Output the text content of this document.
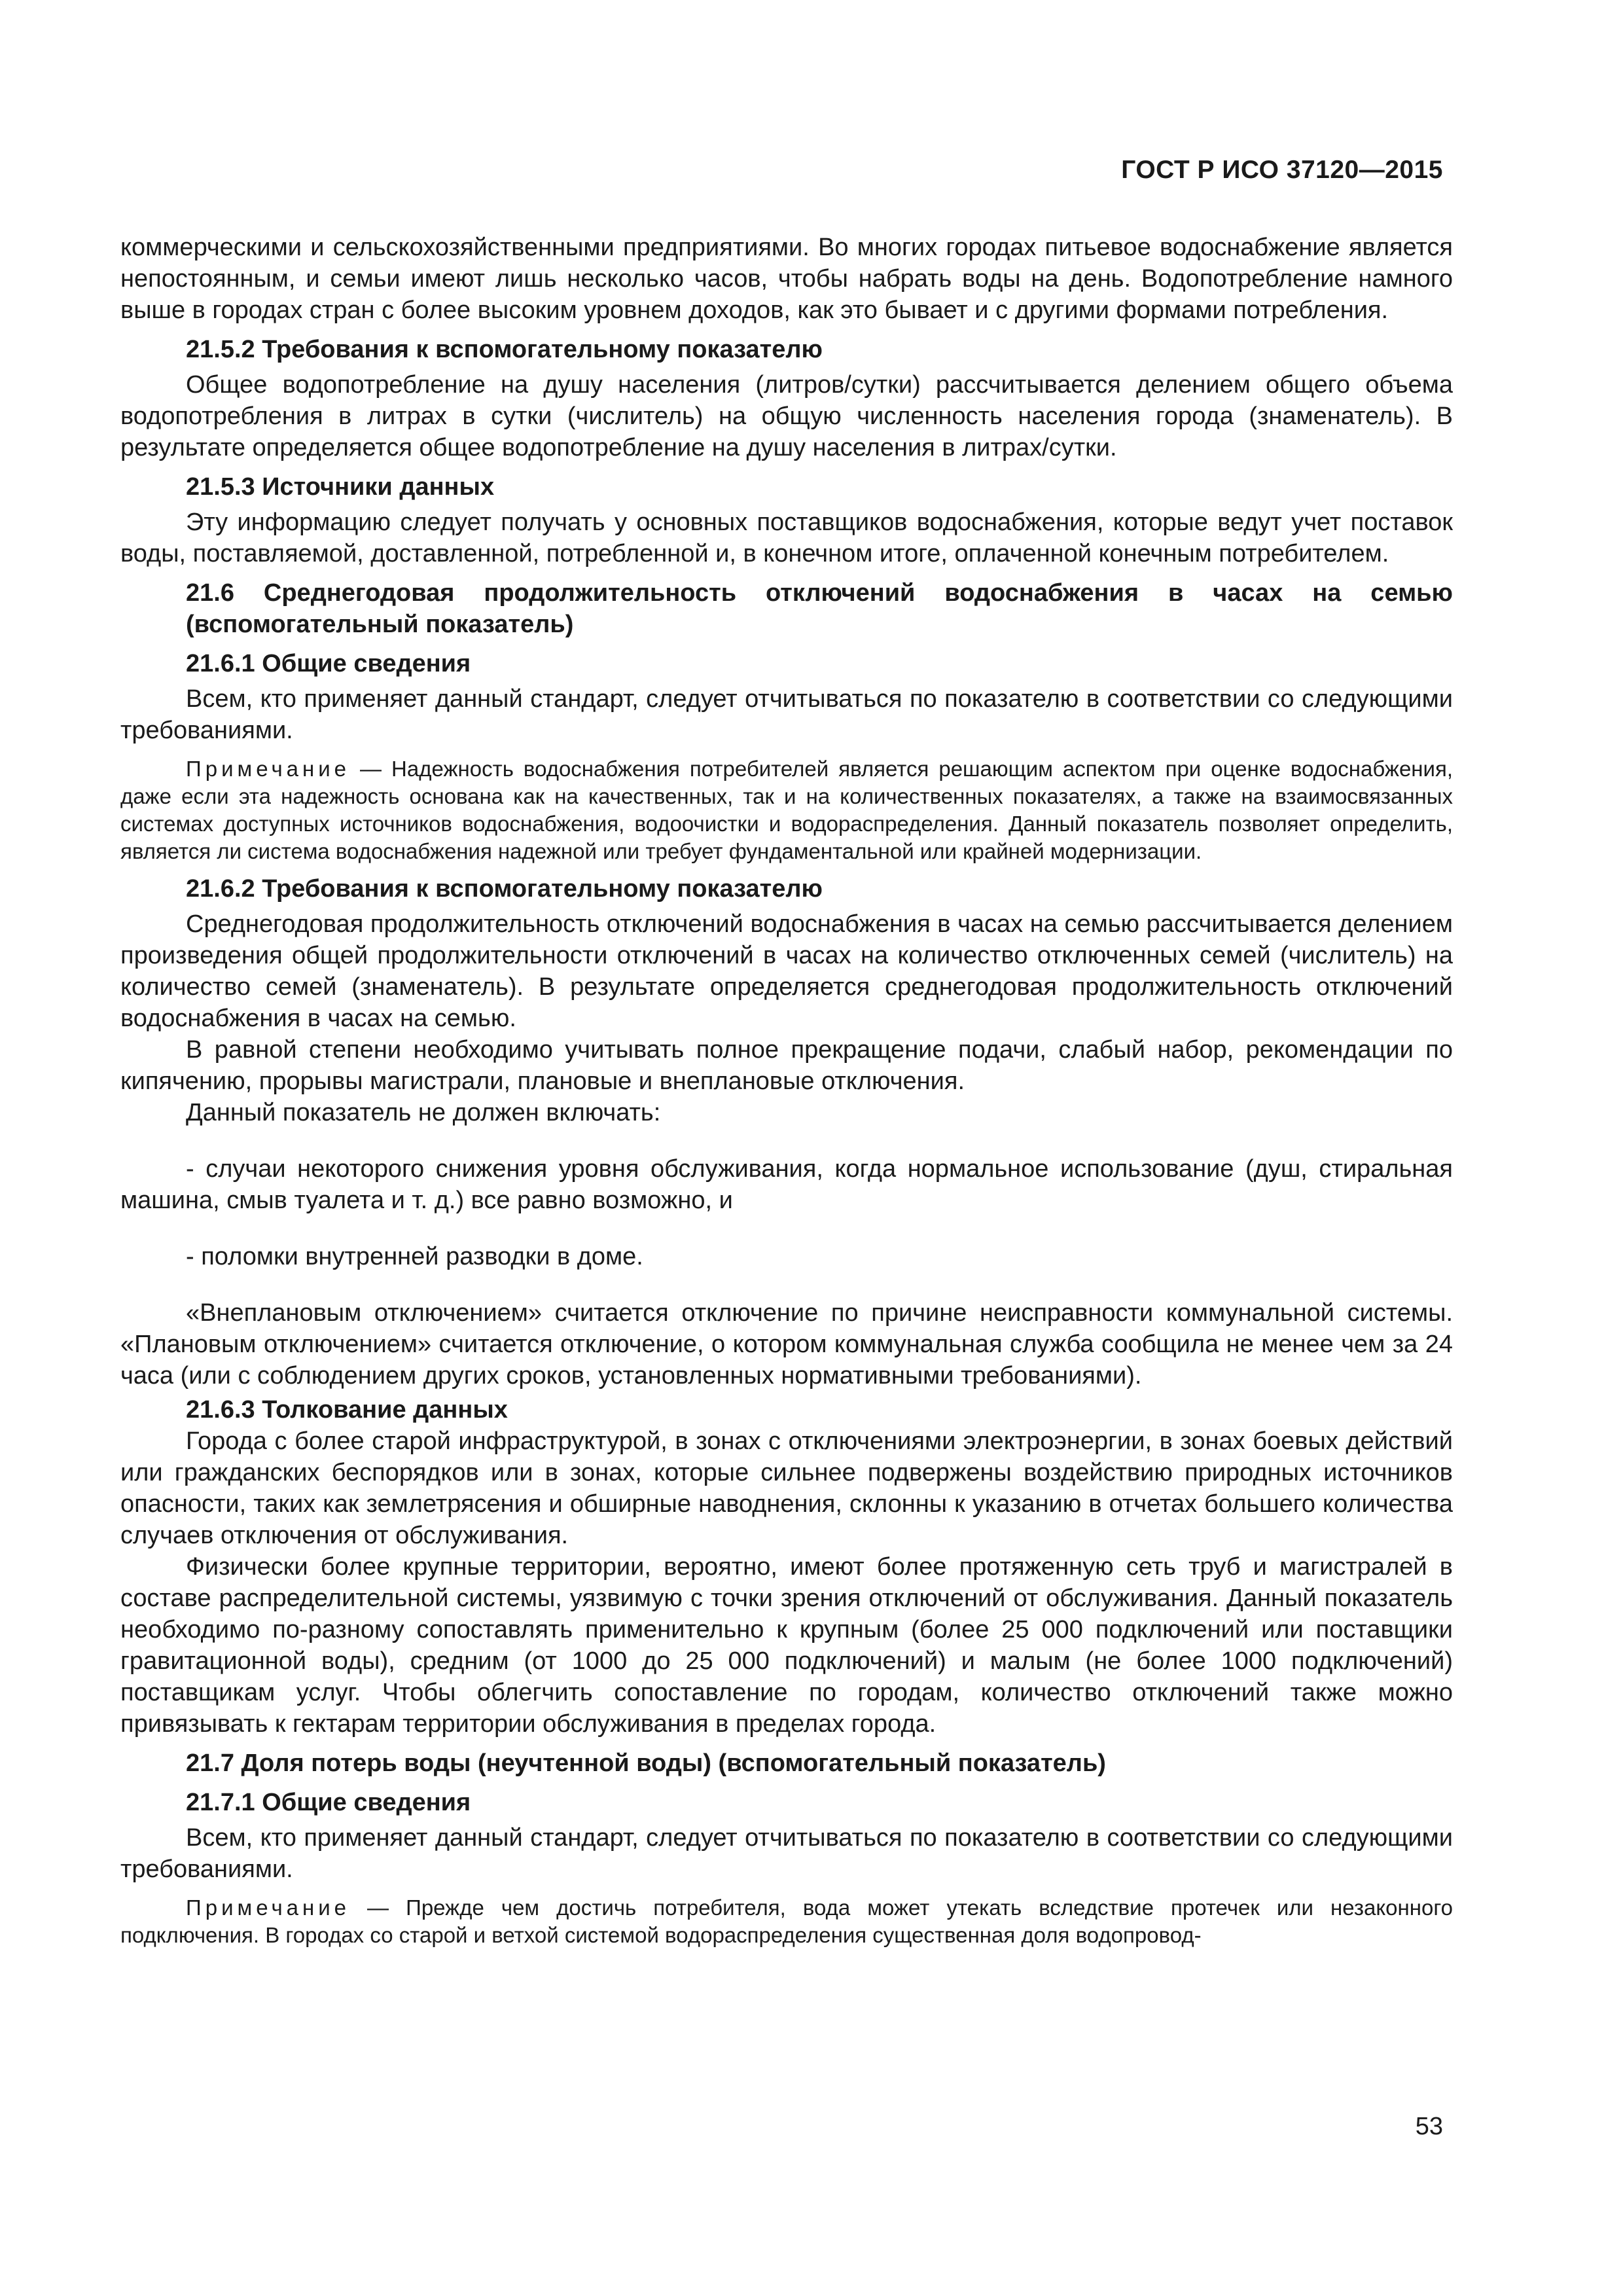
ГОСТ Р ИСО 37120—2015

коммерческими и сельскохозяйственными предприятиями. Во многих городах питьевое водоснабжение является непостоянным, и семьи имеют лишь несколько часов, чтобы набрать воды на день. Водопотребление намного выше в городах стран с более высоким уровнем доходов, как это бывает и с другими формами потребления.

21.5.2 Требования к вспомогательному показателю

Общее водопотребление на душу населения (литров/сутки) рассчитывается делением общего объема водопотребления в литрах в сутки (числитель) на общую численность населения города (знаменатель). В результате определяется общее водопотребление на душу населения в литрах/сутки.

21.5.3 Источники данных

Эту информацию следует получать у основных поставщиков водоснабжения, которые ведут учет поставок воды, поставляемой, доставленной, потребленной и, в конечном итоге, оплаченной конечным потребителем.

21.6 Среднегодовая продолжительность отключений водоснабжения в часах на семью (вспомогательный показатель)
21.6.1 Общие сведения

Всем, кто применяет данный стандарт, следует отчитываться по показателю в соответствии со следующими требованиями.

Примечание — Надежность водоснабжения потребителей является решающим аспектом при оценке водоснабжения, даже если эта надежность основана как на качественных, так и на количественных показателях, а также на взаимосвязанных системах доступных источников водоснабжения, водоочистки и водораспределения. Данный показатель позволяет определить, является ли система водоснабжения надежной или требует фундаментальной или крайней модернизации.

21.6.2 Требования к вспомогательному показателю

Среднегодовая продолжительность отключений водоснабжения в часах на семью рассчитывается делением произведения общей продолжительности отключений в часах на количество отключенных семей (числитель) на количество семей (знаменатель). В результате определяется среднегодовая продолжительность отключений водоснабжения в часах на семью.

В равной степени необходимо учитывать полное прекращение подачи, слабый набор, рекомендации по кипячению, прорывы магистрали, плановые и внеплановые отключения.

Данный показатель не должен включать:

- случаи некоторого снижения уровня обслуживания, когда нормальное использование (душ, стиральная машина, смыв туалета и т. д.) все равно возможно, и

- поломки внутренней разводки в доме.

«Внеплановым отключением» считается отключение по причине неисправности коммунальной системы. «Плановым отключением» считается отключение, о котором коммунальная служба сообщила не менее чем за 24 часа (или с соблюдением других сроков, установленных нормативными требованиями).

21.6.3 Толкование данных

Города с более старой инфраструктурой, в зонах с отключениями электроэнергии, в зонах боевых действий или гражданских беспорядков или в зонах, которые сильнее подвержены воздействию природных источников опасности, таких как землетрясения и обширные наводнения, склонны к указанию в отчетах большего количества случаев отключения от обслуживания.

Физически более крупные территории, вероятно, имеют более протяженную сеть труб и магистралей в составе распределительной системы, уязвимую с точки зрения отключений от обслуживания. Данный показатель необходимо по-разному сопоставлять применительно к крупным (более 25 000 подключений или поставщики гравитационной воды), средним (от 1000 до 25 000 подключений) и малым (не более 1000 подключений) поставщикам услуг. Чтобы облегчить сопоставление по городам, количество отключений также можно привязывать к гектарам территории обслуживания в пределах города.

21.7 Доля потерь воды (неучтенной воды) (вспомогательный показатель)
21.7.1 Общие сведения

Всем, кто применяет данный стандарт, следует отчитываться по показателю в соответствии со следующими требованиями.

Примечание — Прежде чем достичь потребителя, вода может утекать вследствие протечек или незаконного подключения. В городах со старой и ветхой системой водораспределения существенная доля водопровод-

53
